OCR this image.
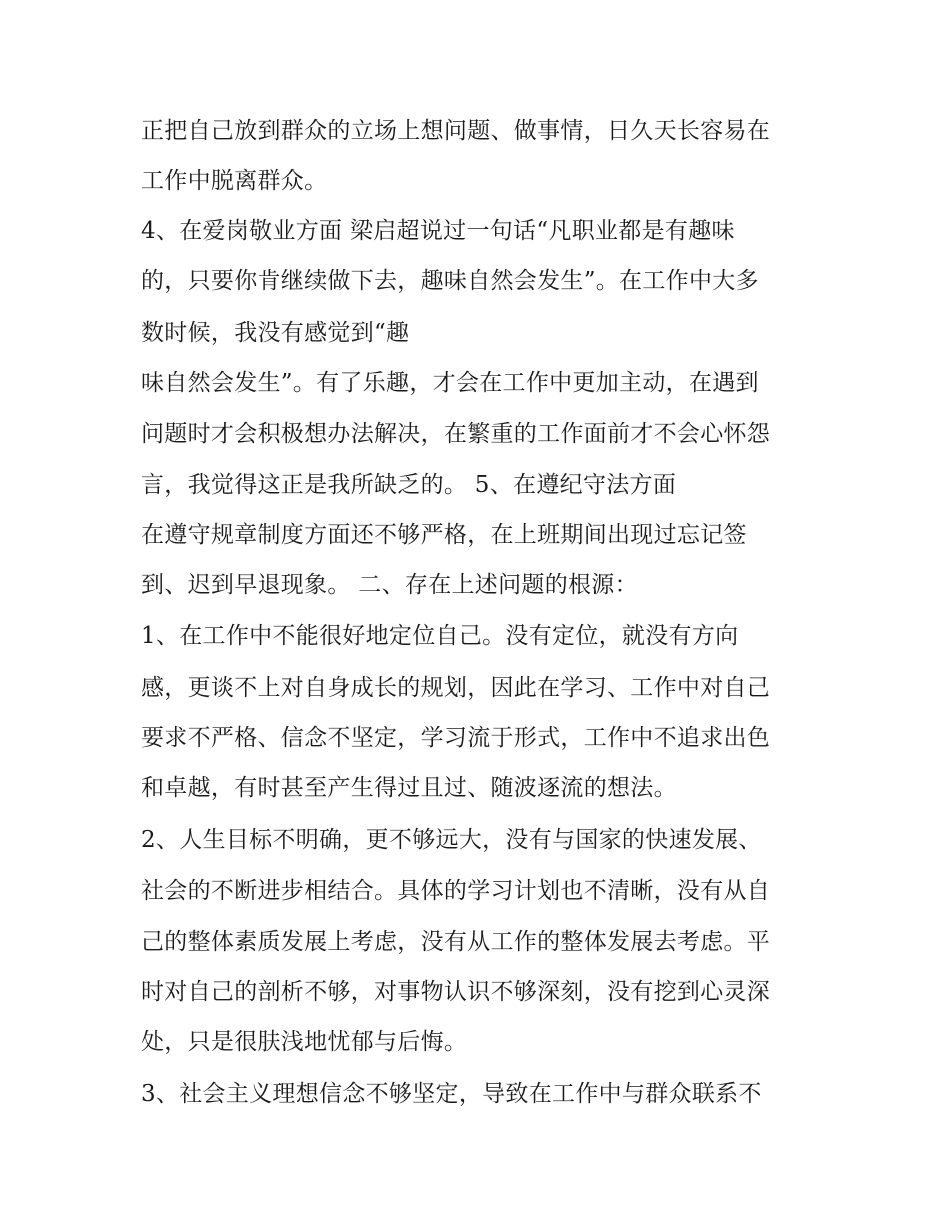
正把自己放到群众的立场上想问题、做事情，日久天长容易在
工作中脱离群众。
4、在爱岗敬业方面 梁启超说过一句话“凡职业都是有趣味
的，只要你肯继续做下去，趣味自然会发生”。在工作中大多
数时候，我没有感觉到“趣
味自然会发生”。有了乐趣，才会在工作中更加主动，在遇到
问题时才会积极想办法解决，在繁重的工作面前才不会心怀怨
言，我觉得这正是我所缺乏的。 5、在遵纪守法方面
在遵守规章制度方面还不够严格，在上班期间出现过忘记签
到、迟到早退现象。 二、存在上述问题的根源：
1、在工作中不能很好地定位自己。没有定位，就没有方向
感，更谈不上对自身成长的规划，因此在学习、工作中对自己
要求不严格、信念不坚定，学习流于形式，工作中不追求出色
和卓越，有时甚至产生得过且过、随波逐流的想法。
2、人生目标不明确，更不够远大，没有与国家的快速发展、
社会的不断进步相结合。具体的学习计划也不清晰，没有从自
己的整体素质发展上考虑，没有从工作的整体发展去考虑。平
时对自己的剖析不够，对事物认识不够深刻，没有挖到心灵深
处，只是很肤浅地忧郁与后悔。
3、社会主义理想信念不够坚定，导致在工作中与群众联系不
